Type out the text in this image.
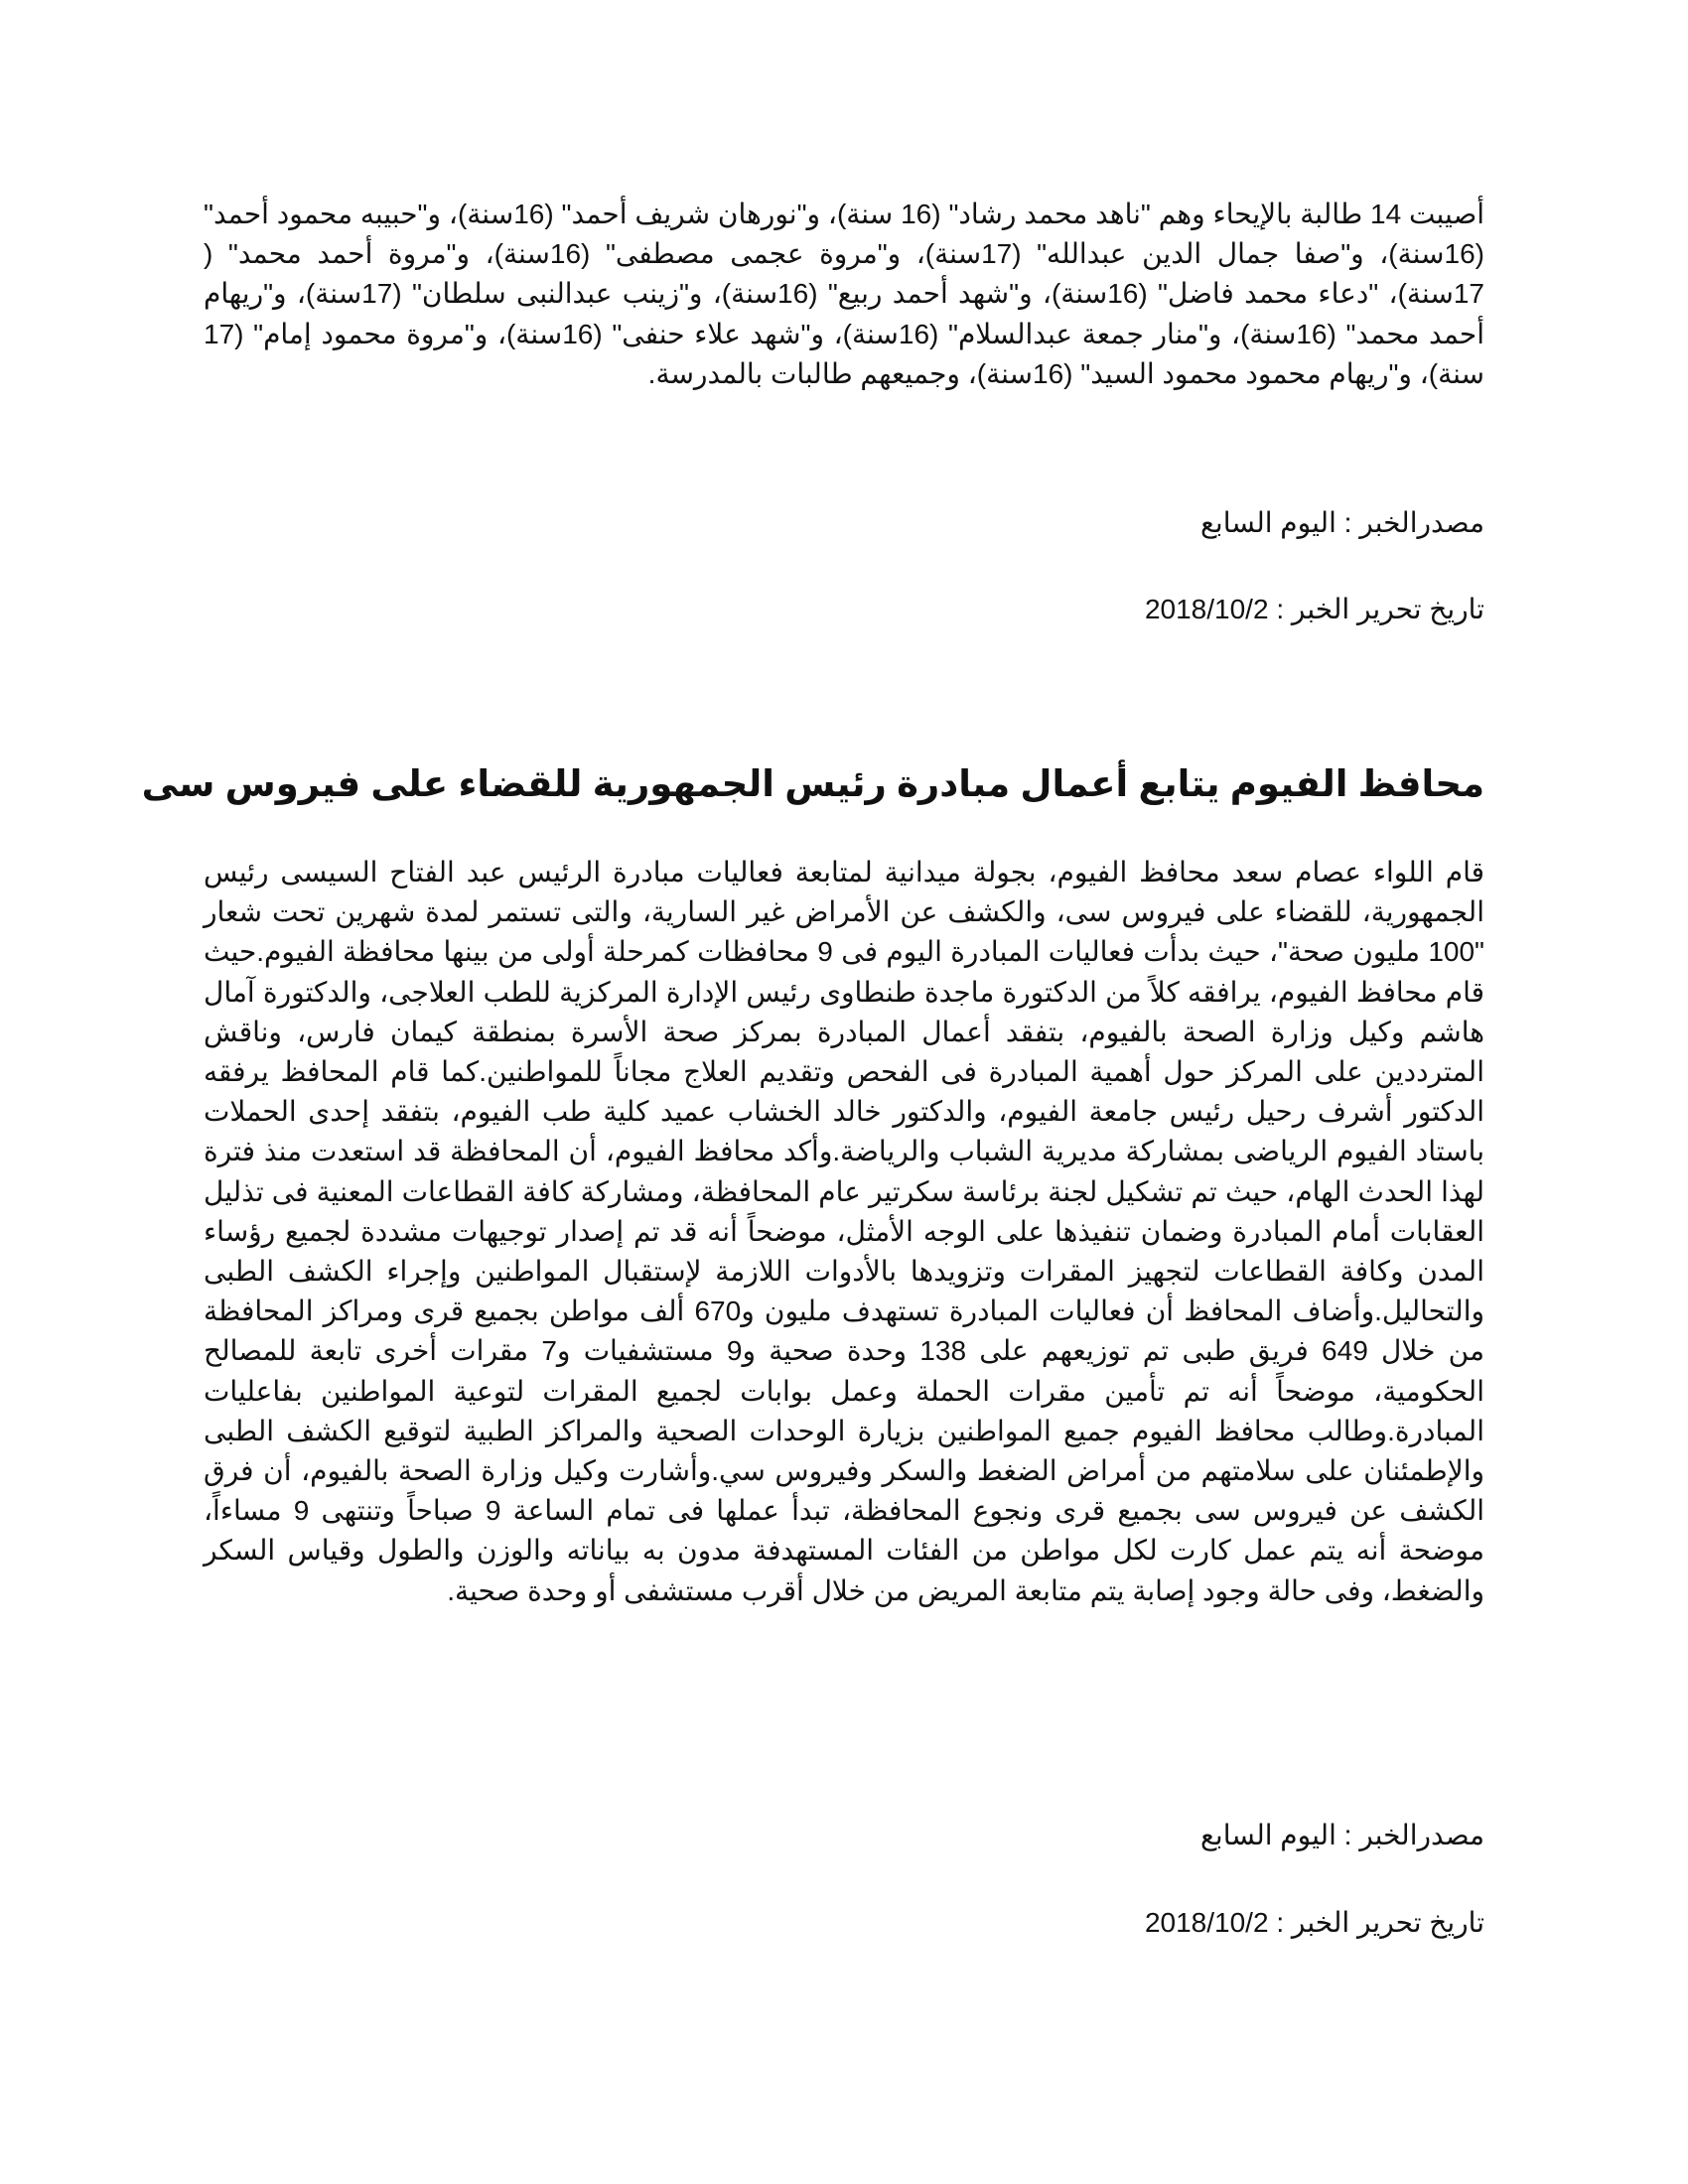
أصيبت 14 طالبة بالإيحاء وهم "ناهد محمد رشاد" (16 سنة)، و"نورهان شريف أحمد" (16سنة)، و"حبيبه محمود أحمد" (16سنة)، و"صفا جمال الدين عبدالله" (17سنة)، و"مروة عجمى مصطفى" (16سنة)، و"مروة أحمد محمد" ( 17سنة)، "دعاء محمد فاضل" (16سنة)، و"شهد أحمد ربيع" (16سنة)، و"زينب عبدالنبى سلطان" (17سنة)، و"ريهام أحمد محمد" (16سنة)، و"منار جمعة عبدالسلام" (16سنة)، و"شهد علاء حنفى" (16سنة)، و"مروة محمود إمام" (17 سنة)، و"ريهام محمود محمود السيد" (16سنة)، وجميعهم طالبات بالمدرسة.

مصدرالخبر : اليوم السابع

تاريخ تحرير الخبر : 2018/10/2

محافظ الفيوم يتابع أعمال مبادرة رئيس الجمهورية للقضاء على فيروس سى

قام اللواء عصام سعد محافظ الفيوم، بجولة ميدانية لمتابعة فعاليات مبادرة الرئيس عبد الفتاح السيسى رئيس الجمهورية، للقضاء على فيروس سى، والكشف عن الأمراض غير السارية، والتى تستمر لمدة شهرين تحت شعار "100 مليون صحة"، حيث بدأت فعاليات المبادرة اليوم فى 9 محافظات كمرحلة أولى من بينها محافظة الفيوم.حيث قام محافظ الفيوم، يرافقه كلاً من الدكتورة ماجدة طنطاوى رئيس الإدارة المركزية للطب العلاجى، والدكتورة آمال هاشم وكيل وزارة الصحة بالفيوم، بتفقد أعمال المبادرة بمركز صحة الأسرة بمنطقة كيمان فارس، وناقش المترددين على المركز حول أهمية المبادرة فى الفحص وتقديم العلاج مجاناً للمواطنين.كما قام المحافظ يرفقه الدكتور أشرف رحيل رئيس جامعة الفيوم، والدكتور خالد الخشاب عميد كلية طب الفيوم، بتفقد إحدى الحملات باستاد الفيوم الرياضى بمشاركة مديرية الشباب والرياضة.وأكد محافظ الفيوم، أن المحافظة قد استعدت منذ فترة لهذا الحدث الهام، حيث تم تشكيل لجنة برئاسة سكرتير عام المحافظة، ومشاركة كافة القطاعات المعنية فى تذليل العقابات أمام المبادرة وضمان تنفيذها على الوجه الأمثل، موضحاً أنه قد تم إصدار توجيهات مشددة لجميع رؤساء المدن وكافة القطاعات لتجهيز المقرات وتزويدها بالأدوات اللازمة لإستقبال المواطنين وإجراء الكشف الطبى والتحاليل.وأضاف المحافظ أن فعاليات المبادرة تستهدف مليون و670 ألف مواطن بجميع قرى ومراكز المحافظة من خلال 649 فريق طبى تم توزيعهم على 138 وحدة صحية و9 مستشفيات و7 مقرات أخرى تابعة للمصالح الحكومية، موضحاً أنه تم تأمين مقرات الحملة وعمل بوابات لجميع المقرات لتوعية المواطنين بفاعليات المبادرة.وطالب محافظ الفيوم جميع المواطنين بزيارة الوحدات الصحية والمراكز الطبية لتوقيع الكشف الطبى والإطمئنان على سلامتهم من أمراض الضغط والسكر وفيروس سي.وأشارت وكيل وزارة الصحة بالفيوم، أن فرق الكشف عن فيروس سى بجميع قرى ونجوع المحافظة، تبدأ عملها فى تمام الساعة 9 صباحاً وتنتهى 9 مساءاً، موضحة أنه يتم عمل كارت لكل مواطن من الفئات المستهدفة مدون به بياناته والوزن والطول وقياس السكر والضغط، وفى حالة وجود إصابة يتم متابعة المريض من خلال أقرب مستشفى أو وحدة صحية.

مصدرالخبر : اليوم السابع

تاريخ تحرير الخبر : 2018/10/2
